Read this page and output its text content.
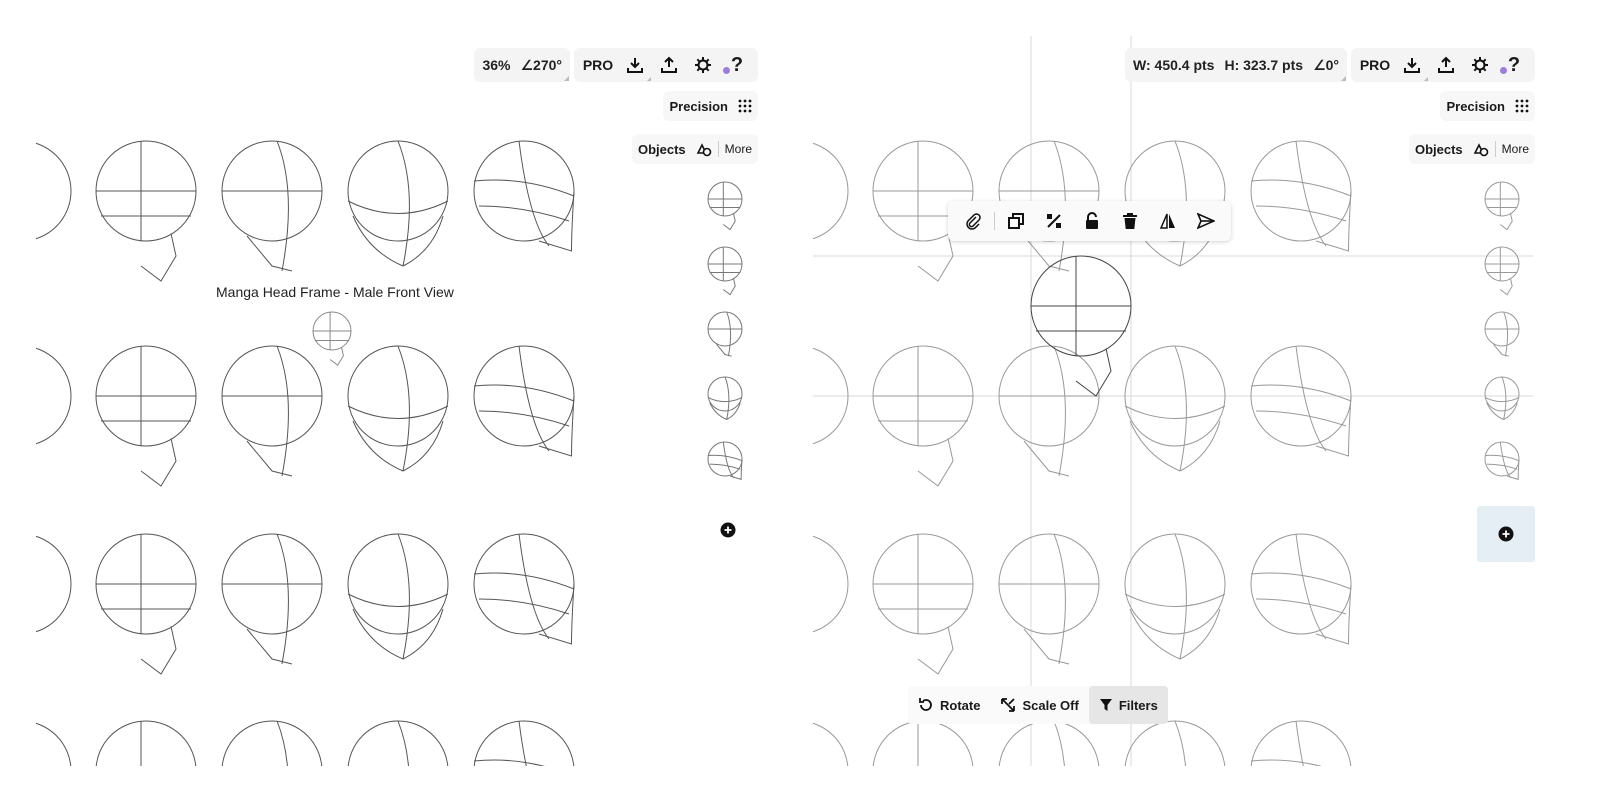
Manga Head Frame - Male Front View
36% ∠270°	PRO	?
Precision
Objects	More
W: 450.4 pts H: 323.7 pts ∠0°	PRO	?
Precision
Objects	More
Rotate	Scale Off	Filters
